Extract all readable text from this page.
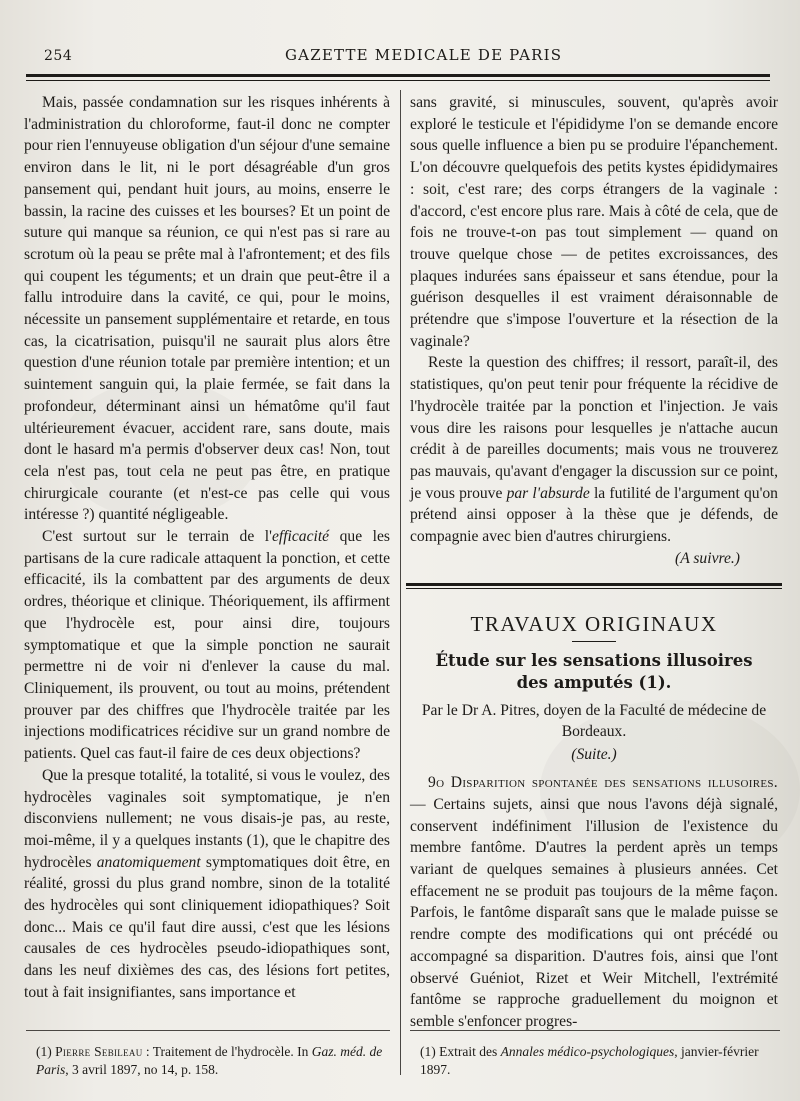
254	GAZETTE MEDICALE DE PARIS

Mais, passée condamnation sur les risques inhérents à l'administration du chloroforme, faut-il donc ne compter pour rien l'ennuyeuse obligation d'un séjour d'une semaine environ dans le lit, ni le port désagréable d'un gros pansement qui, pendant huit jours, au moins, enserre le bassin, la racine des cuisses et les bourses? Et un point de suture qui manque sa réunion, ce qui n'est pas si rare au scrotum où la peau se prête mal à l'afrontement; et des fils qui coupent les téguments; et un drain que peut-être il a fallu introduire dans la cavité, ce qui, pour le moins, nécessite un pansement supplémentaire et retarde, en tous cas, la cicatrisation, puisqu'il ne saurait plus alors être question d'une réunion totale par première intention; et un suintement sanguin qui, la plaie fermée, se fait dans la profondeur, déterminant ainsi un hématôme qu'il faut ultérieurement évacuer, accident rare, sans doute, mais dont le hasard m'a permis d'observer deux cas! Non, tout cela n'est pas, tout cela ne peut pas être, en pratique chirurgicale courante (et n'est-ce pas celle qui vous intéresse ?) quantité négligeable.

C'est surtout sur le terrain de l'efficacité que les partisans de la cure radicale attaquent la ponction, et cette efficacité, ils la combattent par des arguments de deux ordres, théorique et clinique. Théoriquement, ils affirment que l'hydrocèle est, pour ainsi dire, toujours symptomatique et que la simple ponction ne saurait permettre ni de voir ni d'enlever la cause du mal. Cliniquement, ils prouvent, ou tout au moins, prétendent prouver par des chiffres que l'hydrocèle traitée par les injections modificatrices récidive sur un grand nombre de patients. Quel cas faut-il faire de ces deux objections?

Que la presque totalité, la totalité, si vous le voulez, des hydrocèles vaginales soit symptomatique, je n'en disconviens nullement; ne vous disais-je pas, au reste, moi-même, il y a quelques instants (1), que le chapitre des hydrocèles anatomiquement symptomatiques doit être, en réalité, grossi du plus grand nombre, sinon de la totalité des hydrocèles qui sont cliniquement idiopathiques? Soit donc... Mais ce qu'il faut dire aussi, c'est que les lésions causales de ces hydrocèles pseudo-idiopathiques sont, dans les neuf dixièmes des cas, des lésions fort petites, tout à fait insignifiantes, sans importance et

sans gravité, si minuscules, souvent, qu'après avoir exploré le testicule et l'épididyme l'on se demande encore sous quelle influence a bien pu se produire l'épanchement. L'on découvre quelquefois des petits kystes épididymaires : soit, c'est rare; des corps étrangers de la vaginale : d'accord, c'est encore plus rare. Mais à côté de cela, que de fois ne trouve-t-on pas tout simplement — quand on trouve quelque chose — de petites excroissances, des plaques indurées sans épaisseur et sans étendue, pour la guérison desquelles il est vraiment déraisonnable de prétendre que s'impose l'ouverture et la résection de la vaginale?

Reste la question des chiffres; il ressort, paraît-il, des statistiques, qu'on peut tenir pour fréquente la récidive de l'hydrocèle traitée par la ponction et l'injection. Je vais vous dire les raisons pour lesquelles je n'attache aucun crédit à de pareilles documents; mais vous ne trouverez pas mauvais, qu'avant d'engager la discussion sur ce point, je vous prouve par l'absurde la futilité de l'argument qu'on prétend ainsi opposer à la thèse que je défends, de compagnie avec bien d'autres chirurgiens.

(A suivre.)

TRAVAUX ORIGINAUX
Étude sur les sensations illusoires
des amputés (1).
Par le Dr A. Pitres, doyen de la Faculté de médecine de Bordeaux.
(Suite.)

9o Disparition spontanée des sensations illusoires. — Certains sujets, ainsi que nous l'avons déjà signalé, conservent indéfiniment l'illusion de l'existence du membre fantôme. D'autres la perdent après un temps variant de quelques semaines à plusieurs années. Cet effacement ne se produit pas toujours de la même façon. Parfois, le fantôme disparaît sans que le malade puisse se rendre compte des modifications qui ont précédé ou accompagné sa disparition. D'autres fois, ainsi que l'ont observé Guéniot, Rizet et Weir Mitchell, l'extrémité fantôme se rapproche graduellement du moignon et semble s'enfoncer progres-

(1) Pierre Sebileau : Traitement de l'hydrocèle. In Gaz. méd. de Paris, 3 avril 1897, no 14, p. 158.
(1) Extrait des Annales médico-psychologiques, janvier-février 1897.
